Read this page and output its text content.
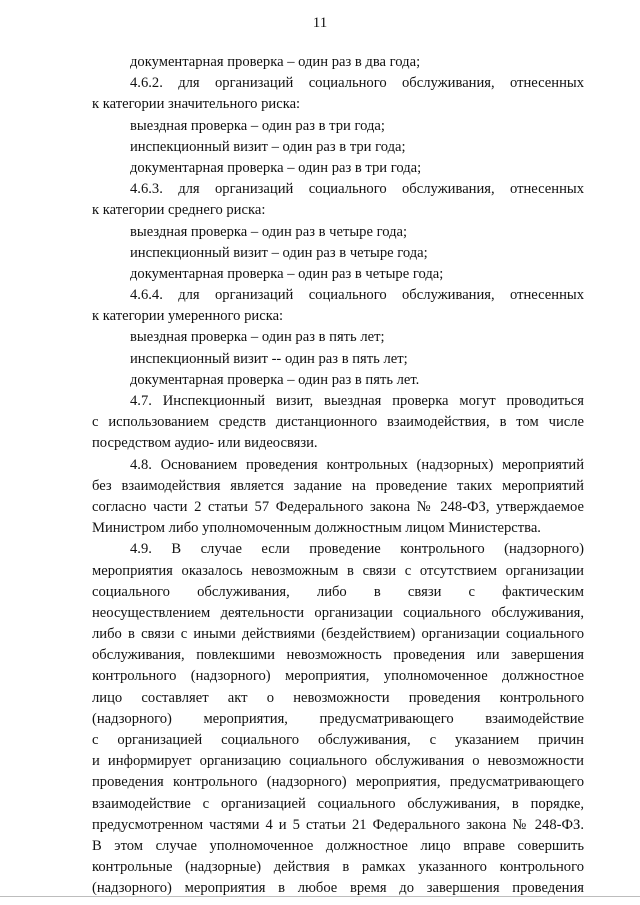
11
документарная проверка – один раз в два года;
4.6.2. для организаций социального обслуживания, отнесенных
к категории значительного риска:
выездная проверка – один раз в три года;
инспекционный визит – один раз в три года;
документарная проверка – один раз в три года;
4.6.3. для организаций социального обслуживания, отнесенных
к категории среднего риска:
выездная проверка – один раз в четыре года;
инспекционный визит – один раз в четыре года;
документарная проверка – один раз в четыре года;
4.6.4. для организаций социального обслуживания, отнесенных
к категории умеренного риска:
выездная проверка – один раз в пять лет;
инспекционный визит -- один раз в пять лет;
документарная проверка – один раз в пять лет.
4.7. Инспекционный визит, выездная проверка могут проводиться
с использованием средств дистанционного взаимодействия, в том числе
посредством аудио- или видеосвязи.
4.8. Основанием проведения контрольных (надзорных) мероприятий
без взаимодействия является задание на проведение таких мероприятий
согласно части 2 статьи 57 Федерального закона № 248-ФЗ, утверждаемое
Министром либо уполномоченным должностным лицом Министерства.
4.9. В случае если проведение контрольного (надзорного)
мероприятия оказалось невозможным в связи с отсутствием организации
социального обслуживания, либо в связи с фактическим
неосуществлением деятельности организации социального обслуживания,
либо в связи с иными действиями (бездействием) организации социального
обслуживания, повлекшими невозможность проведения или завершения
контрольного (надзорного) мероприятия, уполномоченное должностное
лицо составляет акт о невозможности проведения контрольного
(надзорного) мероприятия, предусматривающего взаимодействие
с организацией социального обслуживания, с указанием причин
и информирует организацию социального обслуживания о невозможности
проведения контрольного (надзорного) мероприятия, предусматривающего
взаимодействие с организацией социального обслуживания, в порядке,
предусмотренном частями 4 и 5 статьи 21 Федерального закона № 248-ФЗ.
В этом случае уполномоченное должностное лицо вправе совершить
контрольные (надзорные) действия в рамках указанного контрольного
(надзорного) мероприятия в любое время до завершения проведения
